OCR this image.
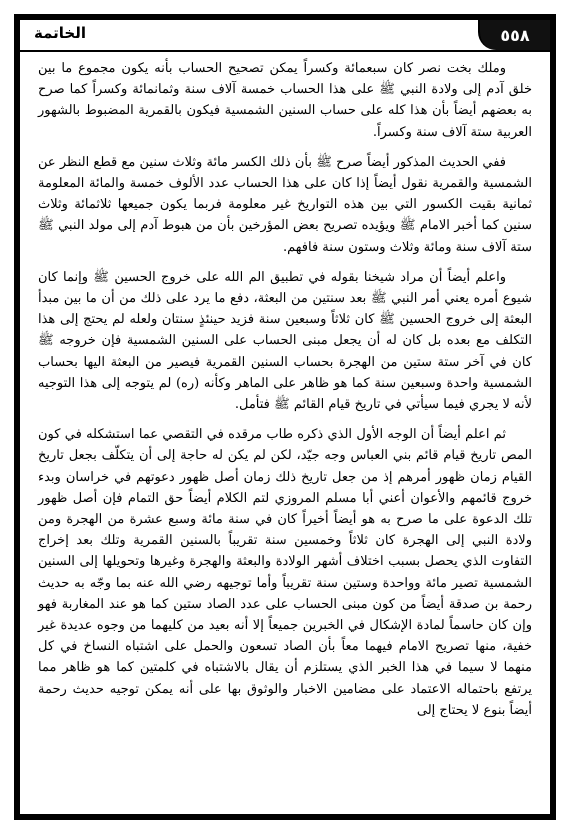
٥٥٨
الخاتمة

وملك بخت نصر كان سبعمائة وكسراً يمكن تصحيح الحساب بأنه يكون مجموع ما بين خلق آدم إلى ولادة النبي ﷺ على هذا الحساب خمسة آلاف سنة وثمانمائة وكسراً كما صرح به بعضهم أيضاً بأن هذا كله على حساب السنين الشمسية فيكون بالقمرية المضبوط بالشهور العربية ستة آلاف سنة وكسراً.

ففي الحديث المذكور أيضاً صرح ﷺ بأن ذلك الكسر مائة وثلاث سنين مع قطع النظر عن الشمسية والقمرية نقول أيضاً إذا كان على هذا الحساب عدد الألوف خمسة والمائة المعلومة ثمانية بقيت الكسور التي بين هذه التواريخ غير معلومة فربما يكون جميعها ثلاثمائة وثلاث سنين كما أخبر الامام ﷺ ويؤيده تصريح بعض المؤرخين بأن من هبوط آدم إلى مولد النبي ﷺ ستة آلاف سنة ومائة وثلاث وستون سنة فافهم.

واعلم أيضاً أن مراد شيخنا بقوله في تطبيق الم الله على خروج الحسين ﷺ وإنما كان شيوع أمره يعني أمر النبي ﷺ بعد سنتين من البعثة، دفع ما يرد على ذلك من أن ما بين مبدأ البعثة إلى خروج الحسين ﷺ كان ثلاثاً وسبعين سنة فزيد حينئذٍ سنتان ولعله لم يحتج إلى هذا التكلف مع بعده بل كان له أن يجعل مبنى الحساب على السنين الشمسية فإن خروجه ﷺ كان في آخر ستة ستين من الهجرة بحساب السنين القمرية فيصير من البعثة اليها بحساب الشمسية واحدة وسبعين سنة كما هو ظاهر على الماهر وكأنه (ره) لم يتوجه إلى هذا التوجيه لأنه لا يجري فيما سيأتي في تاريخ قيام القائم ﷺ فتأمل.

ثم اعلم أيضاً أن الوجه الأول الذي ذكره طاب مرقده في التقصي عما استشكله في كون المص تاريخ قيام قائم بني العباس وجه جيّد، لكن لم يكن له حاجة إلى أن يتكلّف بجعل تاريخ القيام زمان ظهور أمرهم إذ من جعل تاريخ ذلك زمان أصل ظهور دعوتهم في خراسان وبدء خروج قائمهم والأعوان أعني أبا مسلم المروزي لتم الكلام أيضاً حق التمام فإن أصل ظهور تلك الدعوة على ما صرح به هو أيضاً أخيراً كان في سنة مائة وسبع عشرة من الهجرة ومن ولادة النبي إلى الهجرة كان ثلاثاً وخمسين سنة تقريباً بالسنين القمرية وتلك بعد إخراج التفاوت الذي يحصل بسبب اختلاف أشهر الولادة والبعثة والهجرة وغيرها وتحويلها إلى السنين الشمسية تصير مائة وواحدة وستين سنة تقريباً وأما توجيهه رضي الله عنه بما وجّه به حديث رحمة بن صدقة أيضاً من كون مبنى الحساب على عدد الصاد ستين كما هو عند المغاربة فهو وإن كان حاسماً لمادة الإشكال في الخبرين جميعاً إلا أنه بعيد من كليهما من وجوه عديدة غير خفية، منها تصريح الامام فيهما معاً بأن الصاد تسعون والحمل على اشتباه النساخ في كل منهما لا سيما في هذا الخبر الذي يستلزم أن يقال بالاشتباه في كلمتين كما هو ظاهر مما يرتفع باحتماله الاعتماد على مضامين الاخبار والوثوق بها على أنه يمكن توجيه حديث رحمة أيضاً بنوع لا يحتاج إلى
